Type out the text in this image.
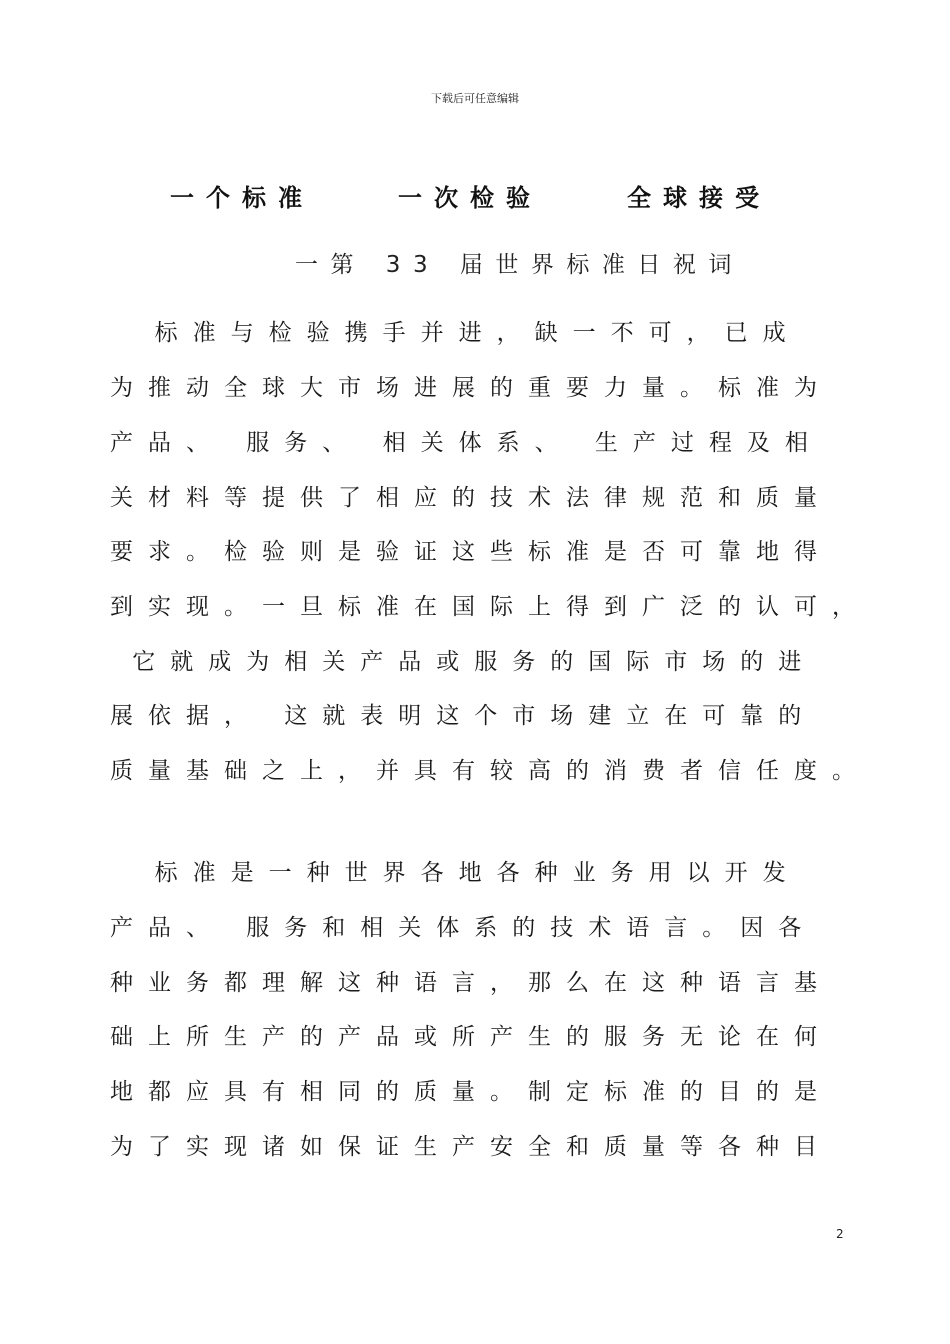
下载后可任意编辑
一个标准	一次检验	全球接受
一第 33 届世界标准日祝词
标准与检验携手并进，缺一不可，已成
为推动全球大市场进展的重要力量。标准为
产品、 服务、 相关体系、 生产过程及相
关材料等提供了相应的技术法律规范和质量
要求。检验则是验证这些标准是否可靠地得
到实现。一旦标准在国际上得到广泛的认可，
它就成为相关产品或服务的国际市场的进
展依据， 这就表明这个市场建立在可靠的
质量基础之上，并具有较高的消费者信任度。
标准是一种世界各地各种业务用以开发
产品、 服务和相关体系的技术语言。因各
种业务都理解这种语言，那么在这种语言基
础上所生产的产品或所产生的服务无论在何
地都应具有相同的质量。制定标准的目的是
为了实现诸如保证生产安全和质量等各种目
2
